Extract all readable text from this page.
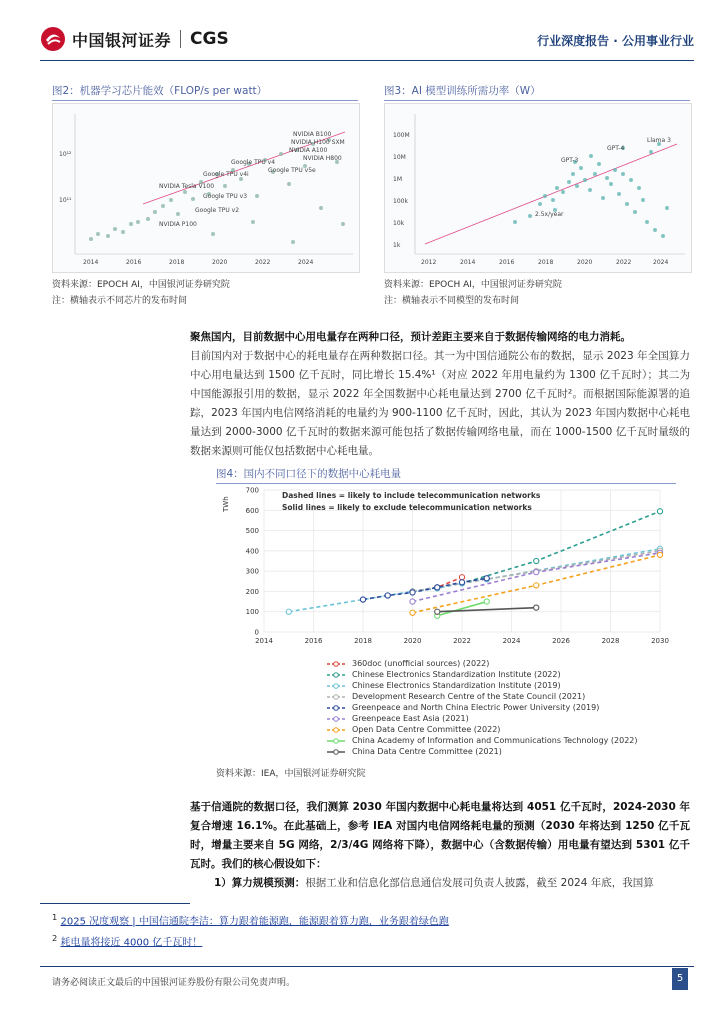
中国银河证券 CGS	行业深度报告 · 公用事业行业
图2：机器学习芯片能效（FLOP/s per watt）
10¹²
10¹¹
2014	2016	2018	2020	2022	2024
NVIDIA B100
NVIDIA H100 SXM
NVIDIA A100
NVIDIA H800
Google TPU v4
Google TPU v5e
Google TPU v4i
NVIDIA Tesla V100
Google TPU v3
Google TPU v2
NVIDIA P100
资料来源：EPOCH AI，中国银河证券研究院
注：横轴表示不同芯片的发布时间
图3：AI 模型训练所需功率（W）
100M
10M
1M
100k
10k
1k
2012	2014	2016	2018	2020	2022	2024
Llama 3
GPT-4
GPT-3
2.5x/year
资料来源：EPOCH AI，中国银河证券研究院
注：横轴表示不同模型的发布时间
聚焦国内，目前数据中心用电量存在两种口径，预计差距主要来自于数据传输网络的电力消耗。
目前国内对于数据中心的耗电量存在两种数据口径。其一为中国信通院公布的数据，显示 2023 年全国算力中心用电量达到 1500 亿千瓦时，同比增长 15.4%¹（对应 2022 年用电量约为 1300 亿千瓦时）；其二为中国能源报引用的数据，显示 2022 年全国数据中心耗电量达到 2700 亿千瓦时²。而根据国际能源署的追踪，2023 年国内电信网络消耗的电量约为 900-1100 亿千瓦时，因此，其认为 2023 年国内数据中心耗电量达到 2000-3000 亿千瓦时的数据来源可能包括了数据传输网络电量，而在 1000-1500 亿千瓦时量级的数据来源则可能仅包括数据中心耗电量。
图4：国内不同口径下的数据中心耗电量
0
100
200
300
400
500
600
700
2014	2016	2018	2020	2022	2024	2026	2028	2030
Dashed lines = likely to include telecommunication networks
Solid lines = likely to exclude telecommunication networks
TWh
360doc (unofficial sources) (2022)
Chinese Electronics Standardization Institute (2022)
Chinese Electronics Standardization Institute (2019)
Development Research Centre of the State Council (2021)
Greenpeace and North China Electric Power University (2019)
Greenpeace East Asia (2021)
Open Data Centre Committee (2022)
China Academy of Information and Communications Technology (2022)
China Data Centre Committee (2021)
资料来源：IEA，中国银河证券研究院
基于信通院的数据口径，我们测算 2030 年国内数据中心耗电量将达到 4051 亿千瓦时，2024-2030 年复合增速 16.1%。在此基础上，参考 IEA 对国内电信网络耗电量的预测（2030 年将达到 1250 亿千瓦时，增量主要来自 5G 网络，2/3/4G 网络将下降），数据中心（含数据传输）用电量有望达到 5301 亿千瓦时。我们的核心假设如下：
1）算力规模预测：根据工业和信息化部信息通信发展司负责人披露，截至 2024 年底，我国算
$^1$ 2025 况度观察 | 中国信通院李洁：算力跟着能源跑，能源跟着算力跑，业务跟着绿色跑
$^2$ 耗电量将接近 4000 亿千瓦时！
请务必阅读正文最后的中国银河证券股份有限公司免责声明。	5
